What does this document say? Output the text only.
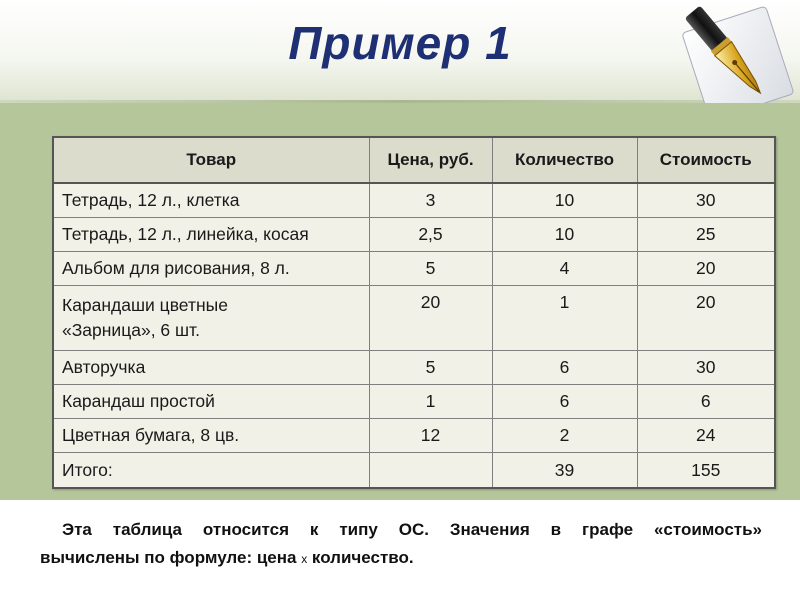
Пример 1
Товар	Цена, руб.	Количество	Стоимость
Тетрадь, 12 л., клетка	3	10	30
Тетрадь, 12 л., линейка, косая	2,5	10	25
Альбом для рисования, 8 л.	5	4	20
Карандаши цветные
«Зарница», 6 шт.	20	1	20
Авторучка	5	6	30
Карандаш простой	1	6	6
Цветная бумага, 8 цв.	12	2	24
Итого:		39	155
Эта таблица относится к типу ОС. Значения в графе «стоимость»
вычислены по формуле: цена х количество.
